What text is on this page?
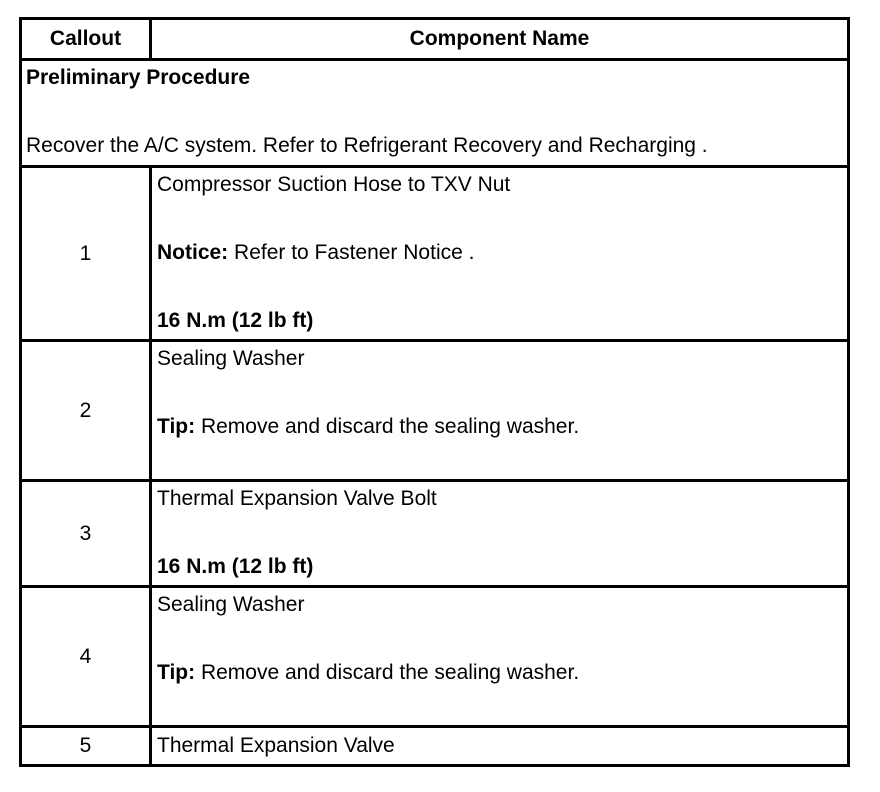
Callout	Component Name

Preliminary Procedure
Recover the A/C system. Refer to Refrigerant Recovery and Recharging .	

1	Compressor Suction Hose to TXV Nut
Notice: Refer to Fastener Notice .
16 N.m (12 lb ft)

2	Sealing Washer
Tip: Remove and discard the sealing washer.

3	Thermal Expansion Valve Bolt
16 N.m (12 lb ft)

4	Sealing Washer
Tip: Remove and discard the sealing washer.

5	Thermal Expansion Valve
